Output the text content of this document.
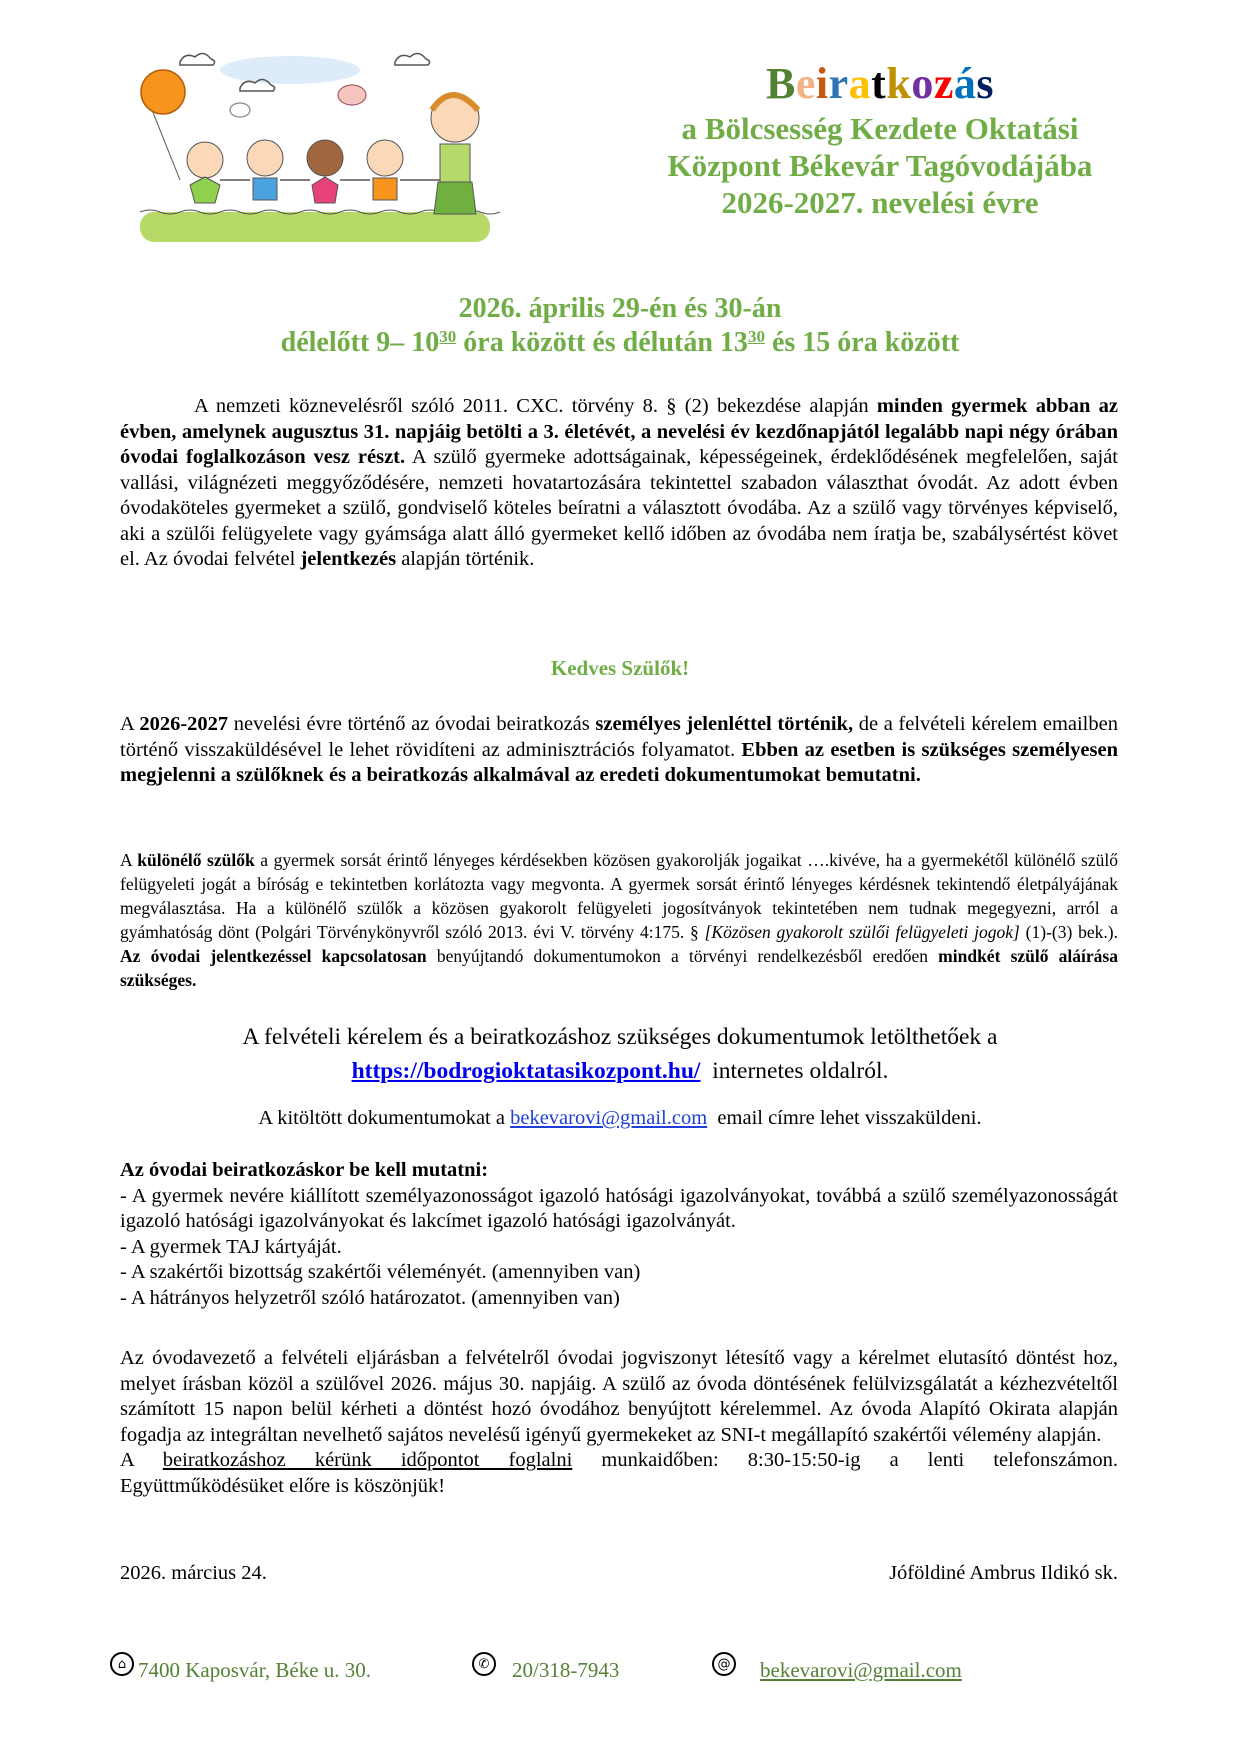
Beiratkozás
a Bölcsesség Kezdete Oktatási
Központ Békevár Tagóvodájába
2026-2027. nevelési évre
2026. április 29-én és 30-án
délelőtt 9– $10^{30}$ óra között és délután $13^{30}$ és 15 óra között
A nemzeti köznevelésről szóló 2011. CXC. törvény 8. § (2) bekezdése alapján minden gyermek abban az évben, amelynek augusztus 31. napjáig betölti a 3. életévét, a nevelési év kezdőnapjától legalább napi négy órában óvodai foglalkozáson vesz részt. A szülő gyermeke adottságainak, képességeinek, érdeklődésének megfelelően, saját vallási, világnézeti meggyőződésére, nemzeti hovatartozására tekintettel szabadon választhat óvodát. Az adott évben óvodaköteles gyermeket a szülő, gondviselő köteles beíratni a választott óvodába. Az a szülő vagy törvényes képviselő, aki a szülői felügyelete vagy gyámsága alatt álló gyermeket kellő időben az óvodába nem íratja be, szabálysértést követ el. Az óvodai felvétel jelentkezés alapján történik.
Kedves Szülők!
A 2026-2027 nevelési évre történő az óvodai beiratkozás személyes jelenléttel történik, de a felvételi kérelem emailben történő visszaküldésével le lehet rövidíteni az adminisztrációs folyamatot. Ebben az esetben is szükséges személyesen megjelenni a szülőknek és a beiratkozás alkalmával az eredeti dokumentumokat bemutatni.
A különélő szülők a gyermek sorsát érintő lényeges kérdésekben közösen gyakorolják jogaikat ….kivéve, ha a gyermekétől különélő szülő felügyeleti jogát a bíróság e tekintetben korlátozta vagy megvonta. A gyermek sorsát érintő lényeges kérdésnek tekintendő életpályájának megválasztása. Ha a különélő szülők a közösen gyakorolt felügyeleti jogosítványok tekintetében nem tudnak megegyezni, arról a gyámhatóság dönt (Polgári Törvénykönyvről szóló 2013. évi V. törvény 4:175. § [Közösen gyakorolt szülői felügyeleti jogok] (1)-(3) bek.). Az óvodai jelentkezéssel kapcsolatosan benyújtandó dokumentumokon a törvényi rendelkezésből eredően mindkét szülő aláírása szükséges.
A felvételi kérelem és a beiratkozáshoz szükséges dokumentumok letölthetőek a
https://bodrogioktatasikozpont.hu/  internetes oldalról.
A kitöltött dokumentumokat a bekevarovi@gmail.com  email címre lehet visszaküldeni.
Az óvodai beiratkozáskor be kell mutatni:
- A gyermek nevére kiállított személyazonosságot igazoló hatósági igazolványokat, továbbá a szülő személyazonosságát igazoló hatósági igazolványokat és lakcímet igazoló hatósági igazolványát.
- A gyermek TAJ kártyáját.
- A szakértői bizottság szakértői véleményét. (amennyiben van)
- A hátrányos helyzetről szóló határozatot. (amennyiben van)
Az óvodavezető a felvételi eljárásban a felvételről óvodai jogviszonyt létesítő vagy a kérelmet elutasító döntést hoz, melyet írásban közöl a szülővel 2026. május 30. napjáig. A szülő az óvoda döntésének felülvizsgálatát a kézhezvételtől számított 15 napon belül kérheti a döntést hozó óvodához benyújtott kérelemmel. Az óvoda Alapító Okirata alapján fogadja az integráltan nevelhető sajátos nevelésű igényű gyermekeket az SNI-t megállapító szakértői vélemény alapján.
A beiratkozáshoz kérünk időpontot foglalni munkaidőben: 8:30-15:50-ig a lenti telefonszámon.
Együttműködésüket előre is köszönjük!
2026. március 24.	Jóföldiné Ambrus Ildikó sk.
⌂ 7400 Kaposvár, Béke u. 30.	✆	20/318-7943	@ bekevarovi@gmail.com
